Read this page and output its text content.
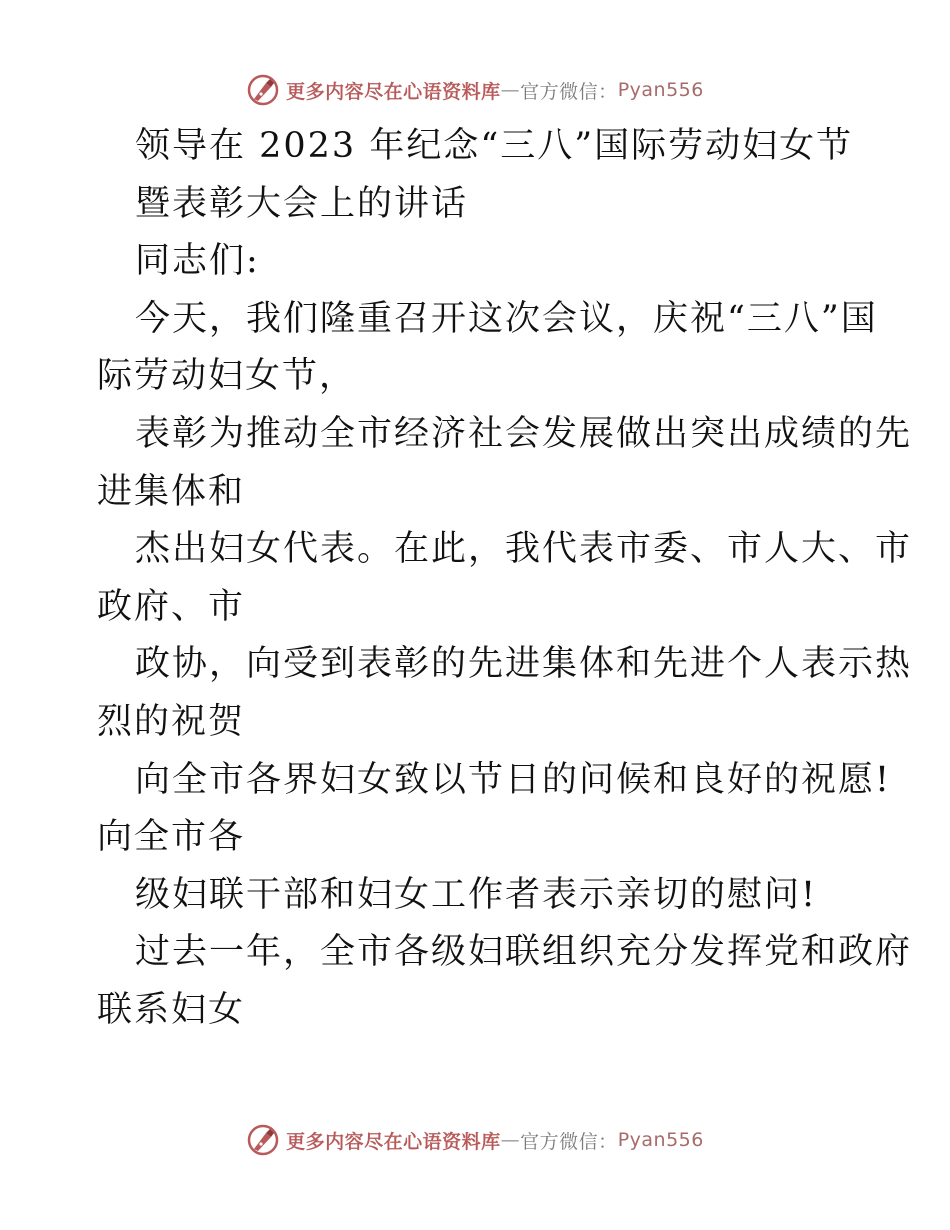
更多内容尽在心语资料库 — 官方微信： Pyan556
领导在 2023 年纪念“三八”国际劳动妇女节
暨表彰大会上的讲话
同志们:
今天，我们隆重召开这次会议，庆祝“三八”国
际劳动妇女节，
表彰为推动全市经济社会发展做出突出成绩的先
进集体和
杰出妇女代表。在此，我代表市委、市人大、市
政府、市
政协，向受到表彰的先进集体和先进个人表示热
烈的祝贺
向全市各界妇女致以节日的问候和良好的祝愿!
向全市各
级妇联干部和妇女工作者表示亲切的慰问!
过去一年，全市各级妇联组织充分发挥党和政府
联系妇女
更多内容尽在心语资料库 — 官方微信： Pyan556
